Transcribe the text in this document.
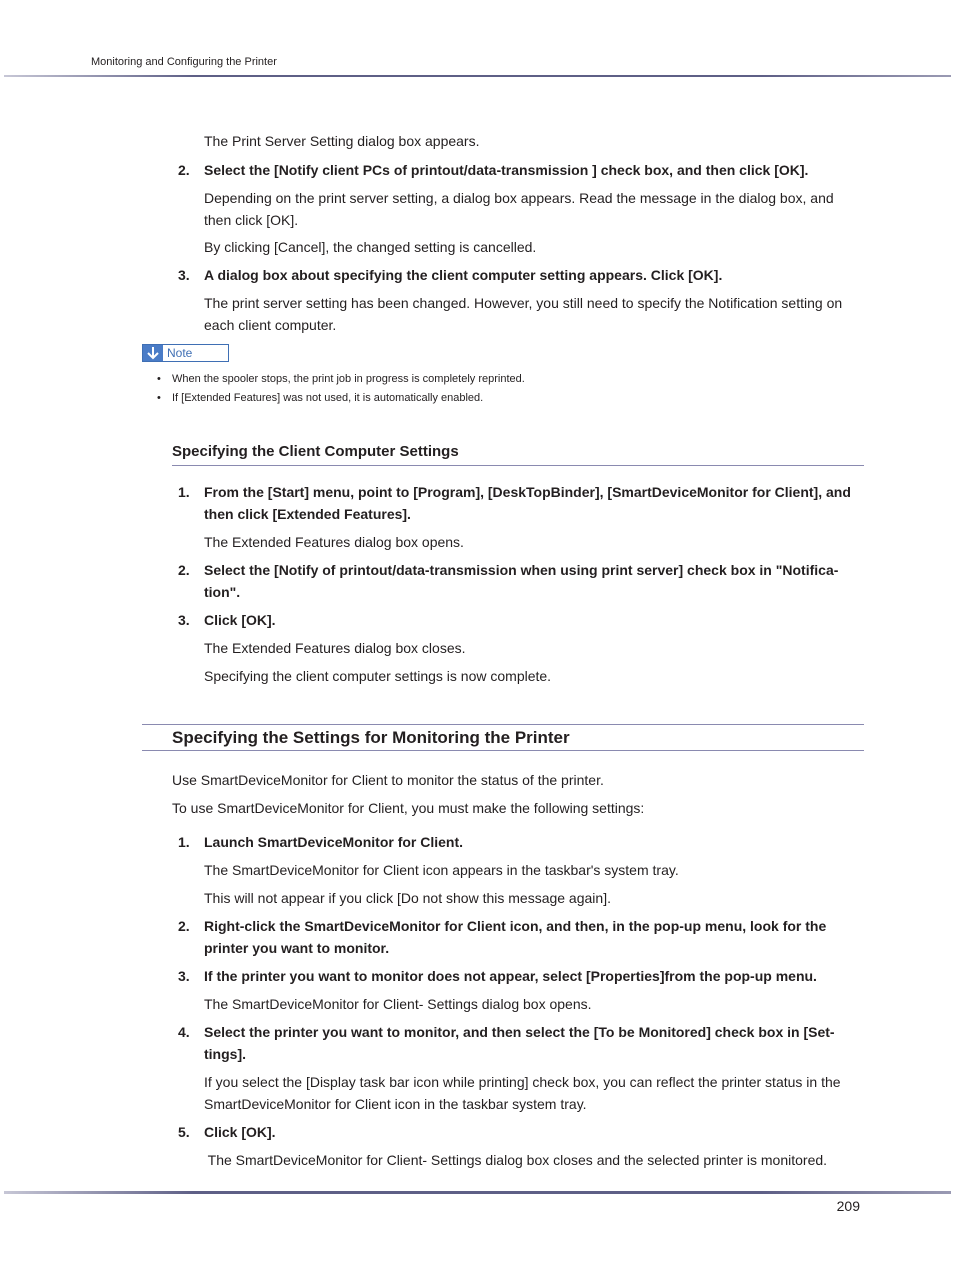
Monitoring and Configuring the Printer
The Print Server Setting dialog box appears.
2.	Select the [Notify client PCs of printout/data-transmission ] check box, and then click [OK].
Depending on the print server setting, a dialog box appears. Read the message in the dialog box, and then click [OK].
By clicking [Cancel], the changed setting is cancelled.
3.	A dialog box about specifying the client computer setting appears. Click [OK].
The print server setting has been changed. However, you still need to specify the Notification setting on each client computer.
Note
• When the spooler stops, the print job in progress is completely reprinted.
• If [Extended Features] was not used, it is automatically enabled.
Specifying the Client Computer Settings
1.	From the [Start] menu, point to [Program], [DeskTopBinder], [SmartDeviceMonitor for Client], and then click [Extended Features].
The Extended Features dialog box opens.
2.	Select the [Notify of printout/data-transmission when using print server] check box in "Notifica-tion".
3.	Click [OK].
The Extended Features dialog box closes.
Specifying the client computer settings is now complete.
Specifying the Settings for Monitoring the Printer
Use SmartDeviceMonitor for Client to monitor the status of the printer.
To use SmartDeviceMonitor for Client, you must make the following settings:
1.	Launch SmartDeviceMonitor for Client.
The SmartDeviceMonitor for Client icon appears in the taskbar's system tray.
This will not appear if you click [Do not show this message again].
2.	Right-click the SmartDeviceMonitor for Client icon, and then, in the pop-up menu, look for the printer you want to monitor.
3.	If the printer you want to monitor does not appear, select [Properties]from the pop-up menu.
The SmartDeviceMonitor for Client- Settings dialog box opens.
4.	Select the printer you want to monitor, and then select the [To be Monitored] check box in [Set-tings].
If you select the [Display task bar icon while printing] check box, you can reflect the printer status in the SmartDeviceMonitor for Client icon in the taskbar system tray.
5.	Click [OK].
The SmartDeviceMonitor for Client- Settings dialog box closes and the selected printer is monitored.
209
